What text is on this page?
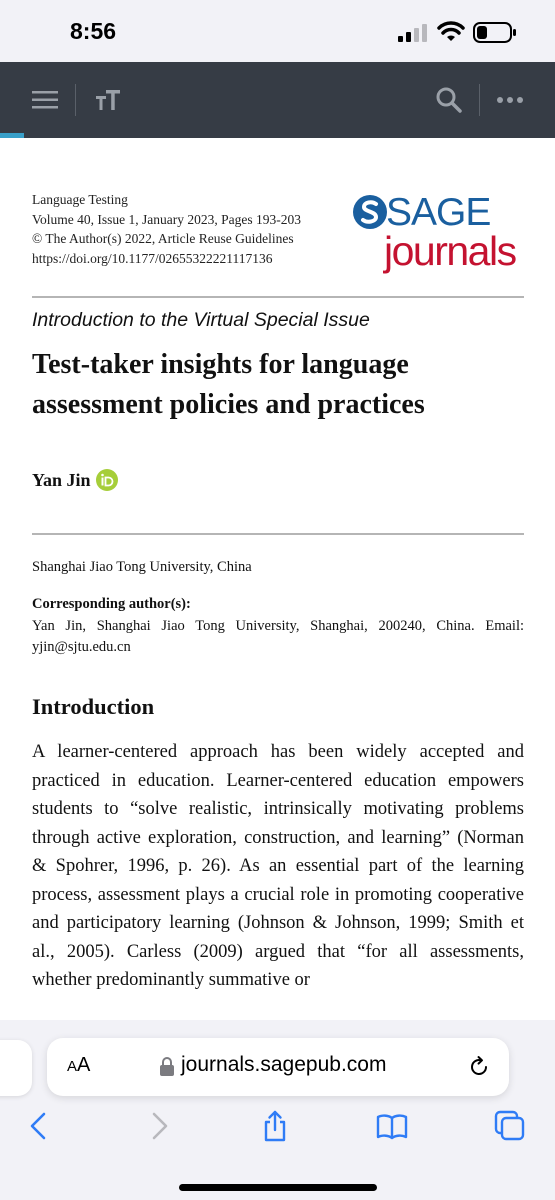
8:56
Language Testing
Volume 40, Issue 1, January 2023, Pages 193-203
© The Author(s) 2022, Article Reuse Guidelines
https://doi.org/10.1177/02655322221117136
SAGE
journals
Introduction to the Virtual Special Issue
Test-taker insights for language assessment policies and practices
Yan Jin
Shanghai Jiao Tong University, China
Corresponding author(s):
Yan Jin, Shanghai Jiao Tong University, Shanghai, 200240, China. Email: yjin@sjtu.edu.cn
Introduction
A learner-centered approach has been widely accepted and practiced in education. Learner-centered education empowers students to “solve realistic, intrinsically motivating problems through active exploration, construction, and learning” (Norman & Spohrer, 1996, p. 26). As an essential part of the learning process, assessment plays a crucial role in promoting cooperative and participatory learning (Johnson & Johnson, 1999; Smith et al., 2005). Carless (2009) argued that “for all assessments, whether predominantly summative or
AA	journals.sagepub.com
